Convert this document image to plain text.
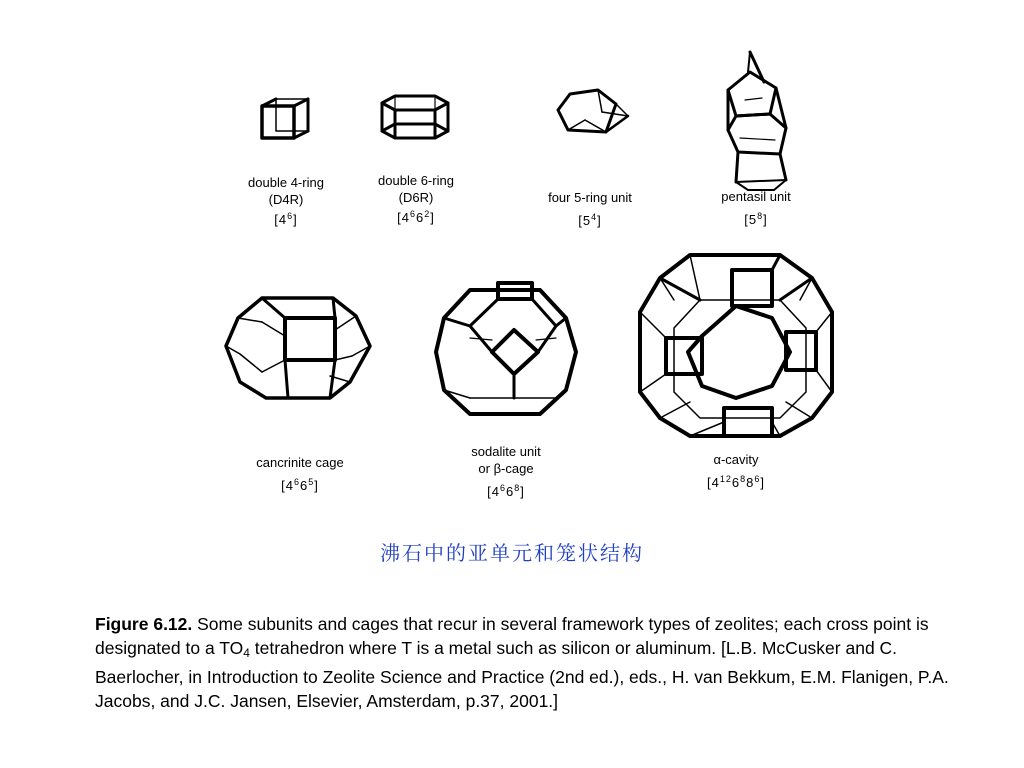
double 4-ring
(D4R)
$[4^6]$
double 6-ring
(D6R)
$[4^66^2]$
four 5-ring unit
$[5^4]$
pentasil unit
$[5^8]$
cancrinite cage
$[4^66^5]$
sodalite unit
or β-cage
$[4^66^8]$
α-cavity
$[4^{12}6^88^6]$
沸石中的亚单元和笼状结构
Figure 6.12. Some subunits and cages that recur in several framework types of zeolites; each cross point is designated to a $TO_4$ tetrahedron where T is a metal such as silicon or aluminum. [L.B. McCusker and C. Baerlocher, in Introduction to Zeolite Science and Practice (2nd ed.), eds., H. van Bekkum, E.M. Flanigen, P.A. Jacobs, and J.C. Jansen, Elsevier, Amsterdam, p.37, 2001.]
